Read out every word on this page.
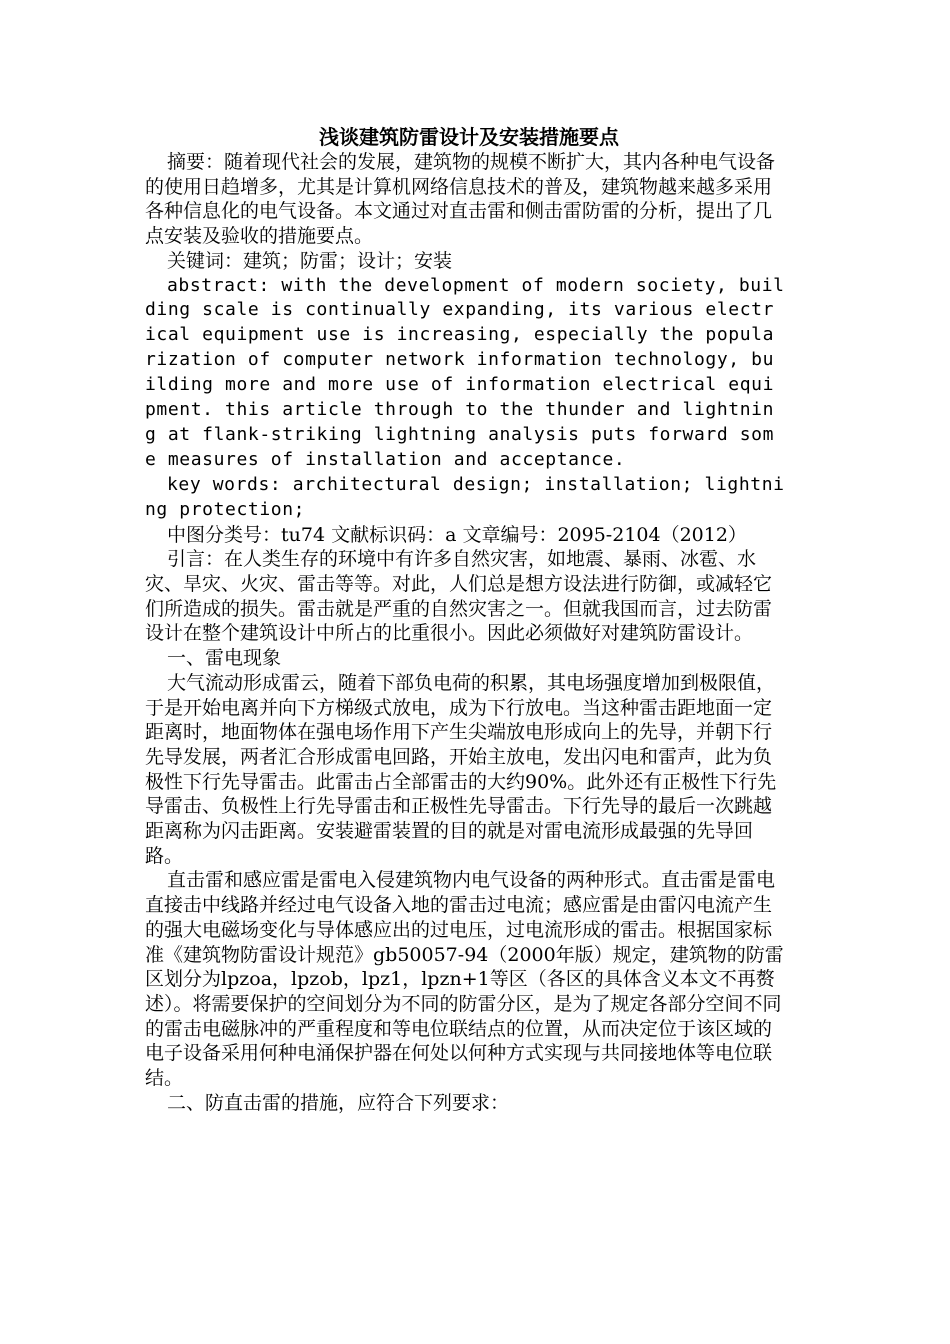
浅谈建筑防雷设计及安装措施要点

摘要：随着现代社会的发展，建筑物的规模不断扩大，其内各种电气设备的使用日趋增多，尤其是计算机网络信息技术的普及，建筑物越来越多采用各种信息化的电气设备。本文通过对直击雷和侧击雷防雷的分析，提出了几点安装及验收的措施要点。

关键词：建筑；防雷；设计；安装

abstract: with the development of modern society, building scale is continually expanding, its various electrical equipment use is increasing, especially the popularization of computer network information technology, building more and more use of information electrical equipment. this article through to the thunder and lightning at flank-striking lightning analysis puts forward some measures of installation and acceptance.

key words: architectural design; installation; lightning protection;

中图分类号：tu74 文献标识码：a 文章编号：2095-2104（2012）

引言：在人类生存的环境中有许多自然灾害，如地震、暴雨、冰雹、水灾、旱灾、火灾、雷击等等。对此，人们总是想方设法进行防御，或减轻它们所造成的损失。雷击就是严重的自然灾害之一。但就我国而言，过去防雷设计在整个建筑设计中所占的比重很小。因此必须做好对建筑防雷设计。

一、雷电现象

大气流动形成雷云，随着下部负电荷的积累，其电场强度增加到极限值，于是开始电离并向下方梯级式放电，成为下行放电。当这种雷击距地面一定距离时，地面物体在强电场作用下产生尖端放电形成向上的先导，并朝下行先导发展，两者汇合形成雷电回路，开始主放电，发出闪电和雷声，此为负极性下行先导雷击。此雷击占全部雷击的大约90%。此外还有正极性下行先导雷击、负极性上行先导雷击和正极性先导雷击。下行先导的最后一次跳越距离称为闪击距离。安装避雷装置的目的就是对雷电流形成最强的先导回路。

直击雷和感应雷是雷电入侵建筑物内电气设备的两种形式。直击雷是雷电直接击中线路并经过电气设备入地的雷击过电流；感应雷是由雷闪电流产生的强大电磁场变化与导体感应出的过电压，过电流形成的雷击。根据国家标准《建筑物防雷设计规范》gb50057-94（2000年版）规定，建筑物的防雷区划分为lpzoa，lpzob，lpz1，lpzn+1等区（各区的具体含义本文不再赘述）。将需要保护的空间划分为不同的防雷分区，是为了规定各部分空间不同的雷击电磁脉冲的严重程度和等电位联结点的位置，从而决定位于该区域的电子设备采用何种电涌保护器在何处以何种方式实现与共同接地体等电位联结。

二、防直击雷的措施，应符合下列要求：
